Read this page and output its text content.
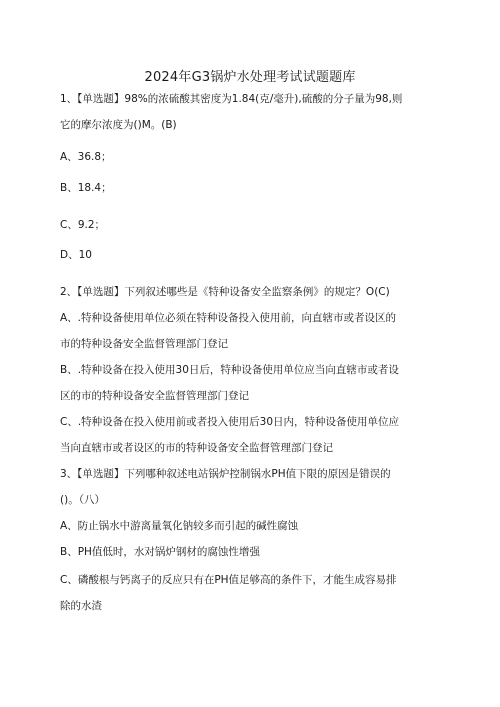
2024年G3锅炉水处理考试试题题库
1、【单选题】98%的浓硫酸其密度为1.84(克/毫升),硫酸的分子量为98,则
它的摩尔浓度为()M。(B)
A、36.8；
B、18.4；
C、9.2；
D、10
2、【单选题】下列叙述哪些是《特种设备安全监察条例》的规定？O(C)
A、.特种设备使用单位必须在特种设备投入使用前，向直辖市或者设区的
市的特种设备安全监督管理部门登记
B、.特种设备在投入使用30日后，特种设备使用单位应当向直辖市或者设
区的市的特种设备安全监督管理部门登记
C、.特种设备在投入使用前或者投入使用后30日内，特种设备使用单位应
当向直辖市或者设区的市的特种设备安全监督管理部门登记
3、【单选题】下列哪种叙述电站锅炉控制锅水PH值下限的原因是错误的
()。（八）
A、防止锅水中游离量氧化钠较多而引起的碱性腐蚀
B、PH值低时，水对锅炉钢材的腐蚀性增强
C、磷酸根与钙离子的反应只有在PH值足够高的条件下，才能生成容易排
除的水渣
